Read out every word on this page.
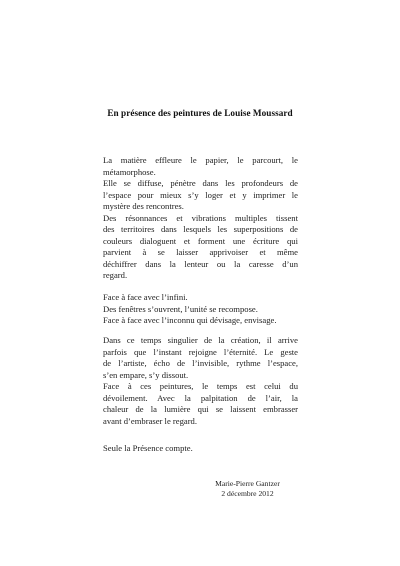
En présence des peintures de Louise Moussard
La matière effleure le papier, le parcourt, le
métamorphose.
Elle se diffuse, pénètre dans les profondeurs de
l’espace pour mieux s’y loger et y imprimer le
mystère des rencontres.
Des résonnances et vibrations multiples tissent
des territoires dans lesquels les superpositions de
couleurs dialoguent et forment une écriture qui
parvient à se laisser apprivoiser et même
déchiffrer dans la lenteur ou la caresse d’un
regard.
Face à face avec l’infini.
Des fenêtres s’ouvrent, l’unité se recompose.
Face à face avec l’inconnu qui dévisage, envisage.
Dans ce temps singulier de la création, il arrive
parfois que l’instant rejoigne l’éternité. Le geste
de l’artiste, écho de l’invisible, rythme l’espace,
s’en empare, s’y dissout.
Face à ces peintures, le temps est celui du
dévoilement. Avec la palpitation de l’air, la
chaleur de la lumière qui se laissent embrasser
avant d’embraser le regard.
Seule la Présence compte.
Marie-Pierre Gantzer
2 décembre 2012
